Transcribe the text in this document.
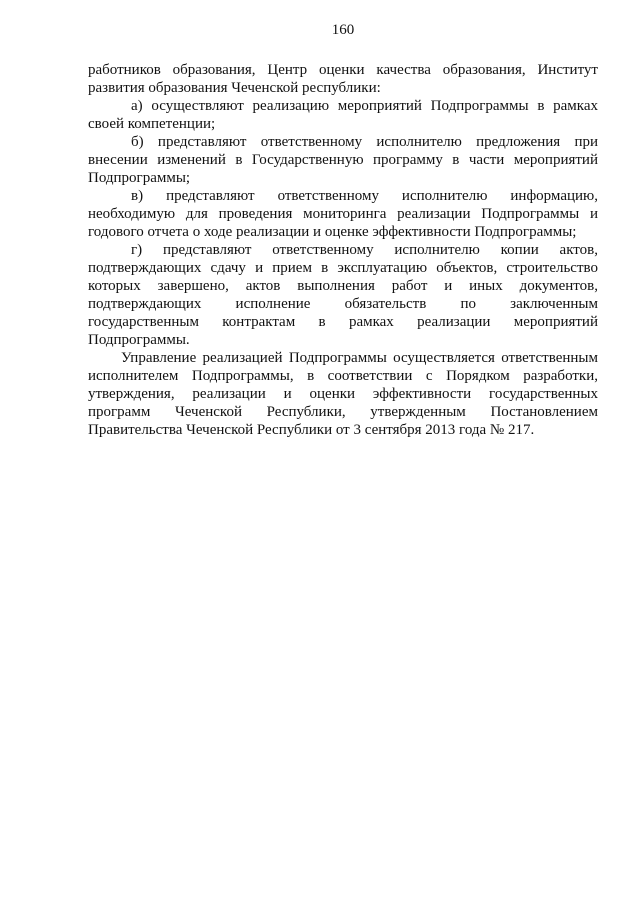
160
работников образования, Центр оценки качества образования, Институт
развития образования Чеченской республики:
а) осуществляют реализацию мероприятий Подпрограммы в рамках
своей компетенции;
б) представляют ответственному исполнителю предложения при
внесении изменений в Государственную программу в части мероприятий
Подпрограммы;
в) представляют ответственному исполнителю информацию,
необходимую для проведения мониторинга реализации Подпрограммы и
годового отчета о ходе реализации и оценке эффективности Подпрограммы;
г) представляют ответственному исполнителю копии актов,
подтверждающих сдачу и прием в эксплуатацию объектов, строительство
которых завершено, актов выполнения работ и иных документов,
подтверждающих исполнение обязательств по заключенным
государственным контрактам в рамках реализации мероприятий
Подпрограммы.
Управление реализацией Подпрограммы осуществляется ответственным
исполнителем Подпрограммы, в соответствии с Порядком разработки,
утверждения, реализации и оценки эффективности государственных
программ Чеченской Республики, утвержденным Постановлением
Правительства Чеченской Республики от 3 сентября 2013 года № 217.
